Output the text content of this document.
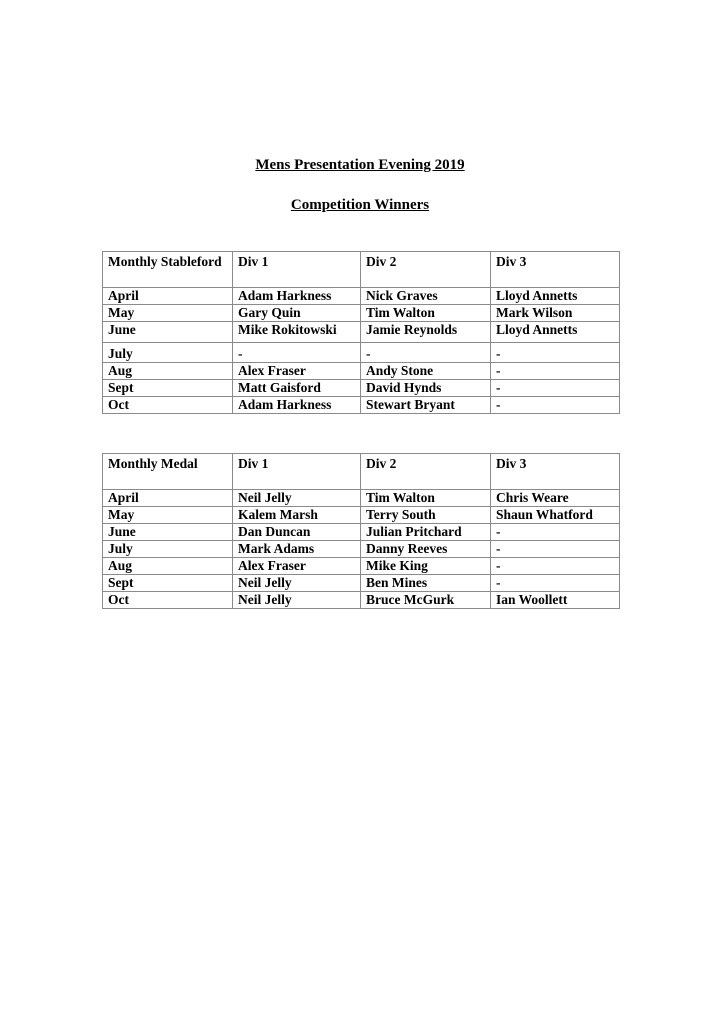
Mens Presentation Evening 2019
Competition Winners
Monthly Stableford	Div 1	Div 2	Div 3
April	Adam Harkness	Nick Graves	Lloyd Annetts
May	Gary Quin	Tim Walton	Mark Wilson
June	Mike Rokitowski	Jamie Reynolds	Lloyd Annetts
July	-	-	-
Aug	Alex Fraser	Andy Stone	-
Sept	Matt Gaisford	David Hynds	-
Oct	Adam Harkness	Stewart Bryant	-
Monthly Medal	Div 1	Div 2	Div 3
April	Neil Jelly	Tim Walton	Chris Weare
May	Kalem Marsh	Terry South	Shaun Whatford
June	Dan Duncan	Julian Pritchard	-
July	Mark Adams	Danny Reeves	-
Aug	Alex Fraser	Mike King	-
Sept	Neil Jelly	Ben Mines	-
Oct	Neil Jelly	Bruce McGurk	Ian Woollett
